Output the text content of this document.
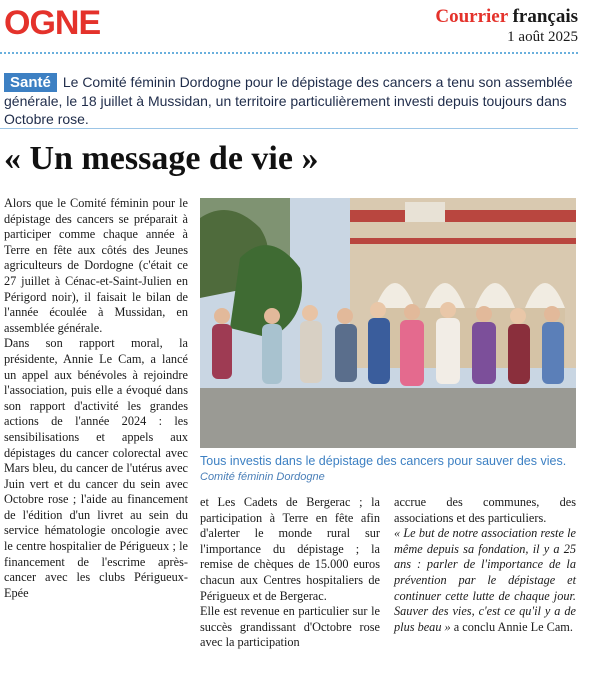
OGNE	Courrier français
1 août 2025
Santé Le Comité féminin Dordogne pour le dépistage des cancers a tenu son assemblée générale, le 18 juillet à Mussidan, un territoire particulièrement investi depuis toujours dans Octobre rose.
« Un message de vie »

Alors que le Comité féminin pour le dépistage des cancers se préparait à participer comme chaque année à Terre en fête aux côtés des Jeunes agriculteurs de Dordogne (c'était ce 27 juillet à Cénac-et-Saint-Julien en Périgord noir), il faisait le bilan de l'année écoulée à Mussidan, en assemblée générale.

Dans son rapport moral, la présidente, Annie Le Cam, a lancé un appel aux bénévoles à rejoindre l'association, puis elle a évoqué dans son rapport d'activité les grandes actions de l'année 2024 : les sensibilisations et appels aux dépistages du cancer colorectal avec Mars bleu, du cancer de l'utérus avec Juin vert et du cancer du sein avec Octobre rose ; l'aide au financement de l'édition d'un livret au sein du service hématologie oncologie avec le centre hospitalier de Périgueux ; le financement de l'escrime après-cancer avec les clubs Périgueux-Epée

Tous investis dans le dépistage des cancers pour sauver des vies. Comité féminin Dordogne

et Les Cadets de Bergerac ; la participation à Terre en fête afin d'alerter le monde rural sur l'importance du dépistage ; la remise de chèques de 15.000 euros chacun aux Centres hospitaliers de Périgueux et de Bergerac.

Elle est revenue en particulier sur le succès grandissant d'Octobre rose avec la participation

accrue des communes, des associations et des particuliers.

« Le but de notre association reste le même depuis sa fondation, il y a 25 ans : parler de l'importance de la prévention par le dépistage et continuer cette lutte de chaque jour. Sauver des vies, c'est ce qu'il y a de plus beau » a conclu Annie Le Cam.
